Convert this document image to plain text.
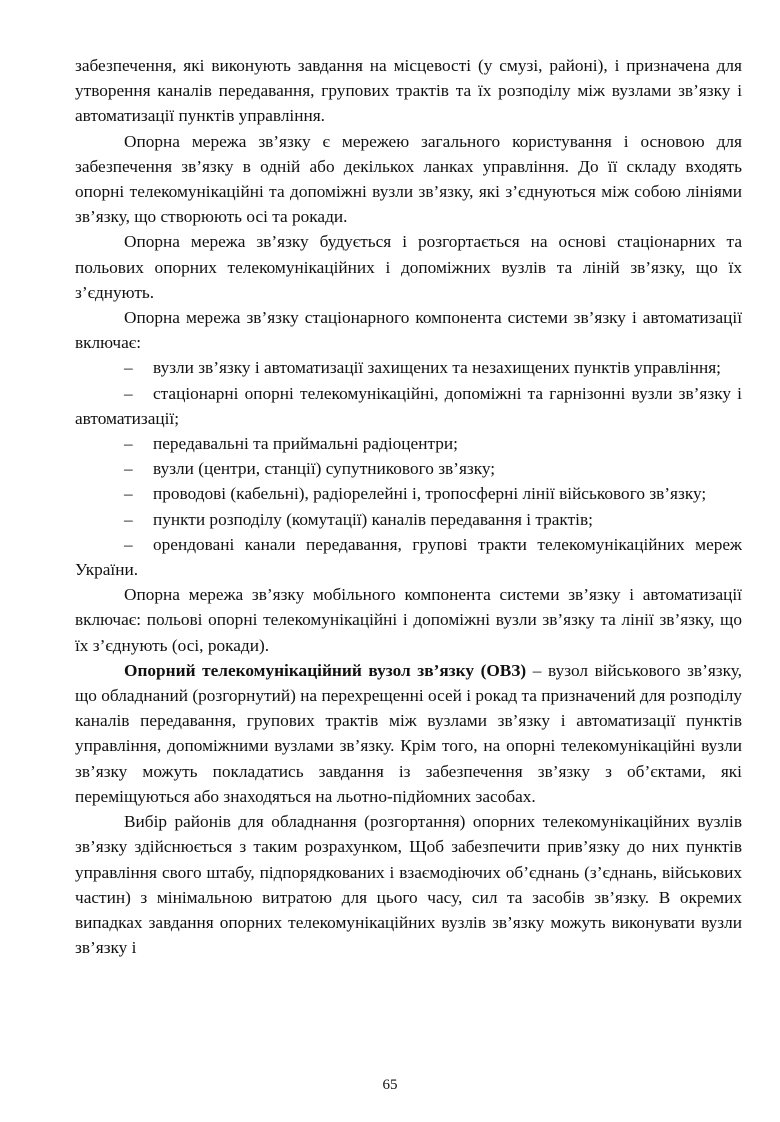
забезпечення, які виконують завдання на місцевості (у смузі, районі), і призначена для утворення каналів передавання, групових трактів та їх розподілу між вузлами зв’язку і автоматизації пунктів управління.

Опорна мережа зв’язку є мережею загального користування і основою для забезпечення зв’язку в одній або декількох ланках управління. До її складу входять опорні телекомунікаційні та допоміжні вузли зв’язку, які з’єднуються між собою лініями зв’язку, що створюють осі та рокади.

Опорна мережа зв’язку будується і розгортається на основі стаціонарних та польових опорних телекомунікаційних і допоміжних вузлів та ліній зв’язку, що їх з’єднують.

Опорна мережа зв’язку стаціонарного компонента системи зв’язку і автоматизації включає:

– вузли зв’язку і автоматизації захищених та незахищених пунктів управління;

– стаціонарні опорні телекомунікаційні, допоміжні та гарнізонні вузли зв’язку і автоматизації;

– передавальні та приймальні радіоцентри;

– вузли (центри, станції) супутникового зв’язку;

– проводові (кабельні), радіорелейні і, тропосферні лінії військового зв’язку;

– пункти розподілу (комутації) каналів передавання і трактів;

– орендовані канали передавання, групові тракти телекомунікаційних мереж України.

Опорна мережа зв’язку мобільного компонента системи зв’язку і автоматизації включає: польові опорні телекомунікаційні і допоміжні вузли зв’язку та лінії зв’язку, що їх з’єднують (осі, рокади).

Опорний телекомунікаційний вузол зв’язку (ОВЗ) – вузол військового зв’язку, що обладнаний (розгорнутий) на перехрещенні осей і рокад та призначений для розподілу каналів передавання, групових трактів між вузлами зв’язку і автоматизації пунктів управління, допоміжними вузлами зв’язку. Крім того, на опорні телекомунікаційні вузли зв’язку можуть покладатись завдання із забезпечення зв’язку з об’єктами, які переміщуються або знаходяться на льотно-підйомних засобах.

Вибір районів для обладнання (розгортання) опорних телекомунікаційних вузлів зв’язку здійснюється з таким розрахунком, Щоб забезпечити прив’язку до них пунктів управління свого штабу, підпорядкованих і взаємодіючих об’єднань (з’єднань, військових частин) з мінімальною витратою для цього часу, сил та засобів зв’язку. В окремих випадках завдання опорних телекомунікаційних вузлів зв’язку можуть виконувати вузли зв’язку і

65
